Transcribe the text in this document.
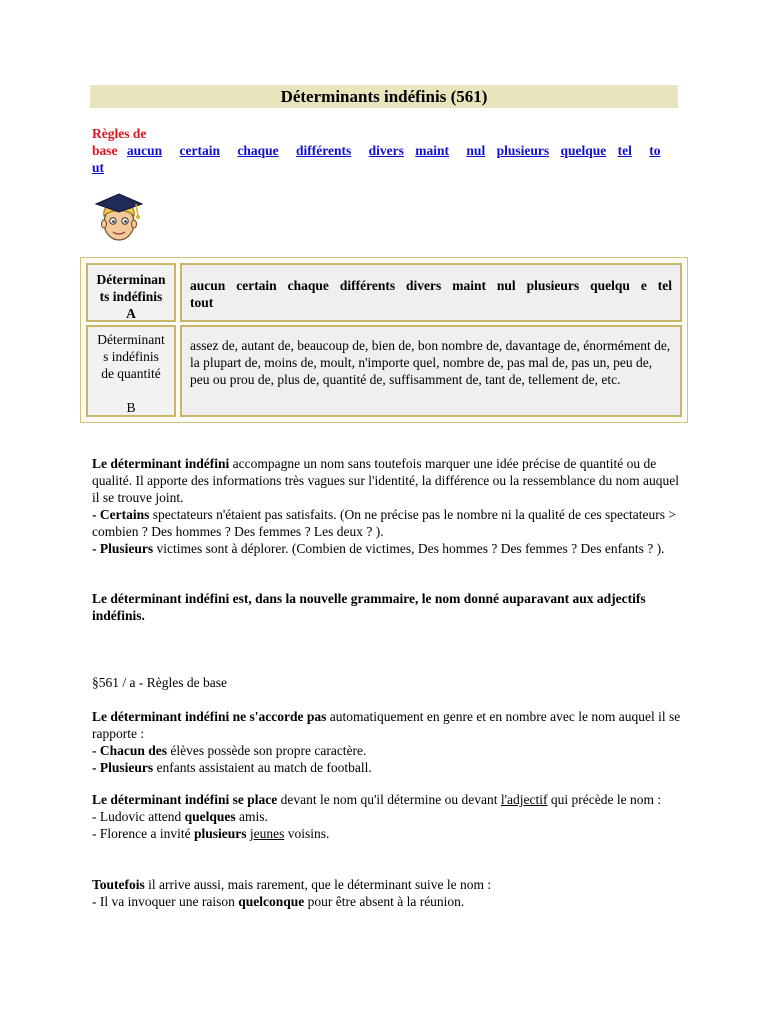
Déterminants indéfinis (561)
Règles de
base aucun certain chaque différents divers maint nul plusieurs quelque tel to
ut
Déterminan
ts indéfinis
A
aucun certain chaque différents divers maint nul plusieurs quelqu e tel tout
Déterminant
s indéfinis
de quantité

B
assez de, autant de, beaucoup de, bien de, bon nombre de, davantage de, énormément de, la plupart de, moins de, moult, n'importe quel, nombre de, pas mal de, pas un, peu de, peu ou prou de, plus de, quantité de, suffisamment de, tant de, tellement de, etc.

Le déterminant indéfini accompagne un nom sans toutefois marquer une idée précise de quantité ou de qualité. Il apporte des informations très vagues sur l'identité, la différence ou la ressemblance du nom auquel il se trouve joint.
- Certains spectateurs n'étaient pas satisfaits. (On ne précise pas le nombre ni la qualité de ces spectateurs > combien ? Des hommes ? Des femmes ? Les deux ? ).
- Plusieurs victimes sont à déplorer. (Combien de victimes, Des hommes ? Des femmes ? Des enfants ? ).

Le déterminant indéfini est, dans la nouvelle grammaire, le nom donné auparavant aux adjectifs indéfinis.

§561 / a - Règles de base

Le déterminant indéfini ne s'accorde pas automatiquement en genre et en nombre avec le nom auquel il se rapporte :
- Chacun des élèves possède son propre caractère.
- Plusieurs enfants assistaient au match de football.

Le déterminant indéfini se place devant le nom qu'il détermine ou devant l'adjectif qui précède le nom :
- Ludovic attend quelques amis.
- Florence a invité plusieurs jeunes voisins.

Toutefois il arrive aussi, mais rarement, que le déterminant suive le nom :
- Il va invoquer une raison quelconque pour être absent à la réunion.
